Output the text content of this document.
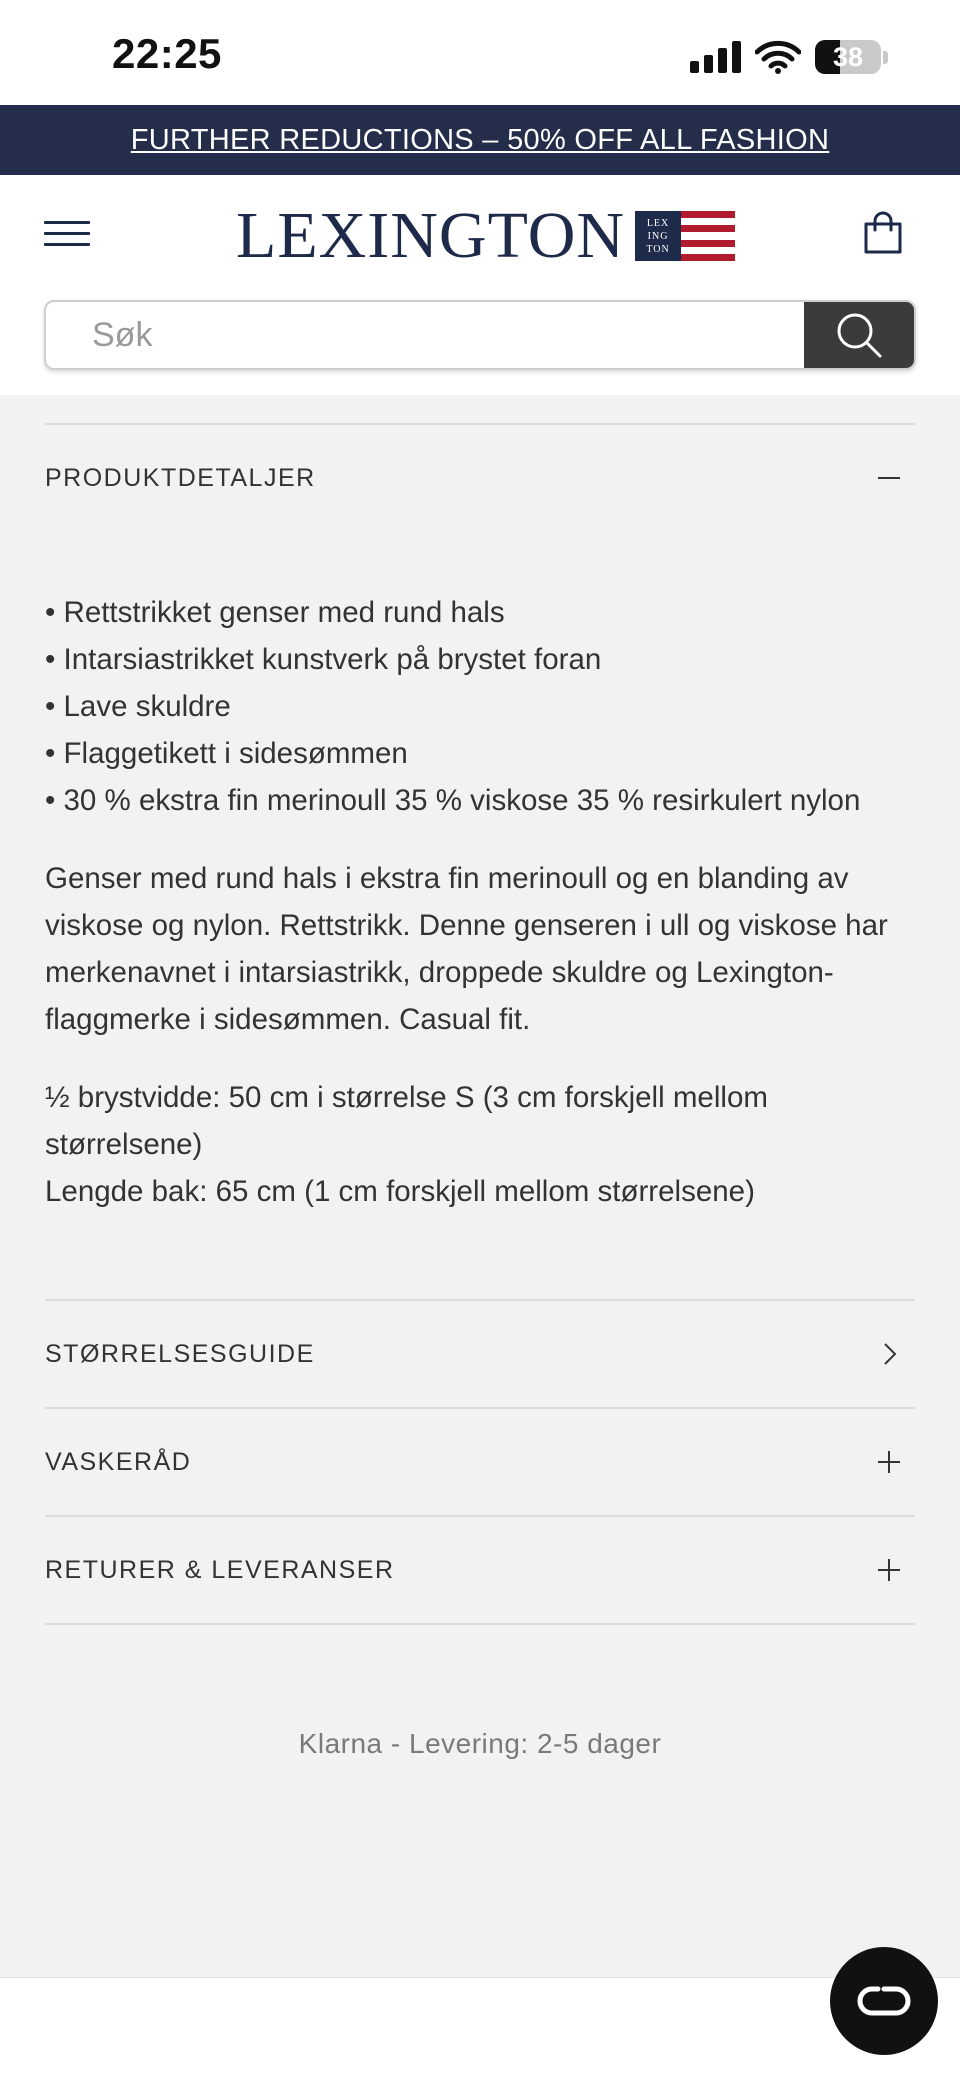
22:25	38
FURTHER REDUCTIONS – 50% OFF ALL FASHION
LEXINGTON LEX
ING
TON
Søk
PRODUKTDETALJER
• Rettstrikket genser med rund hals
• Intarsiastrikket kunstverk på brystet foran
• Lave skuldre
• Flaggetikett i sidesømmen
• 30 % ekstra fin merinoull 35 % viskose 35 % resirkulert nylon

Genser med rund hals i ekstra fin merinoull og en blanding av viskose og nylon. Rettstrikk. Denne genseren i ull og viskose har merkenavnet i intarsiastrikk, droppede skuldre og Lexington-flaggmerke i sidesømmen. Casual fit.

½ brystvidde: 50 cm i størrelse S (3 cm forskjell mellom størrelsene)
Lengde bak: 65 cm (1 cm forskjell mellom størrelsene)
STØRRELSESGUIDE
VASKERÅD
RETURER & LEVERANSER
Klarna - Levering: 2-5 dager
